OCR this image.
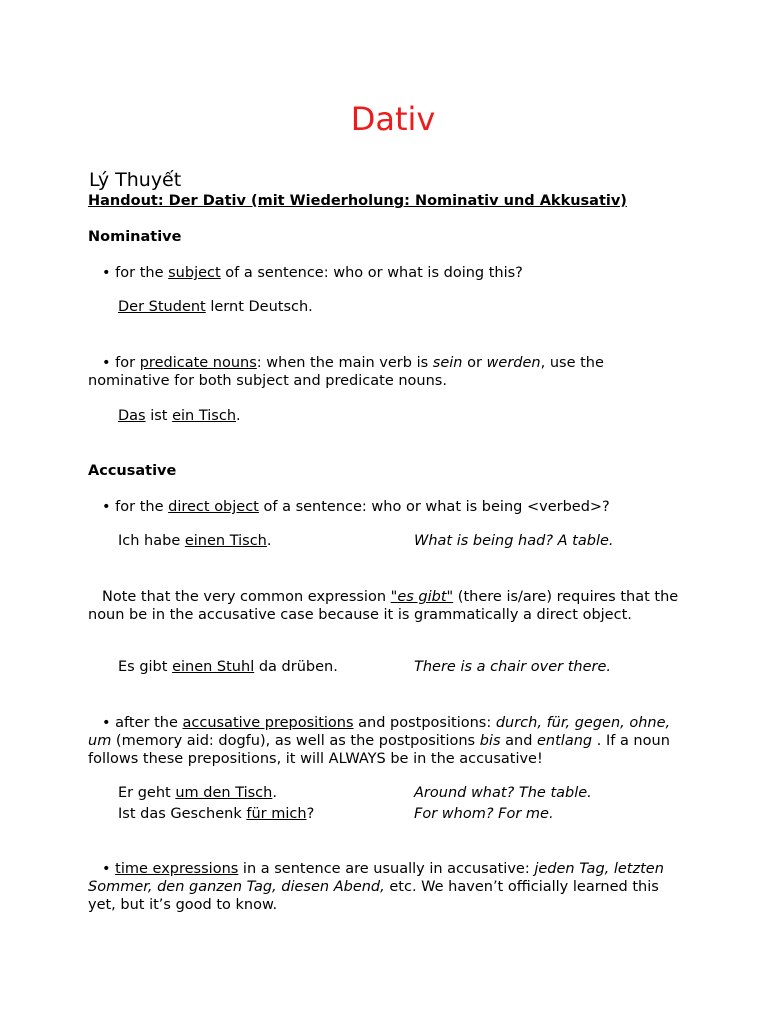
Dativ
Lý Thuyết
Handout: Der Dativ (mit Wiederholung: Nominativ und Akkusativ)
Nominative
• for the subject of a sentence: who or what is doing this?
Der Student lernt Deutsch.
• for predicate nouns: when the main verb is sein or werden, use the nominative for both subject and predicate nouns.
Das ist ein Tisch.
Accusative
• for the direct object of a sentence: who or what is being <verbed>?
Ich habe einen Tisch.	What is being had? A table.
Note that the very common expression "es gibt" (there is/are) requires that the noun be in the accusative case because it is grammatically a direct object.
Es gibt einen Stuhl da drüben.	There is a chair over there.
• after the accusative prepositions and postpositions: durch, für, gegen, ohne, um (memory aid: dogfu), as well as the postpositions bis and entlang . If a noun follows these prepositions, it will ALWAYS be in the accusative!
Er geht um den Tisch.	Around what? The table.
Ist das Geschenk für mich?	For whom? For me.
• time expressions in a sentence are usually in accusative: jeden Tag, letzten Sommer, den ganzen Tag, diesen Abend, etc. We haven’t officially learned this yet, but it’s good to know.
